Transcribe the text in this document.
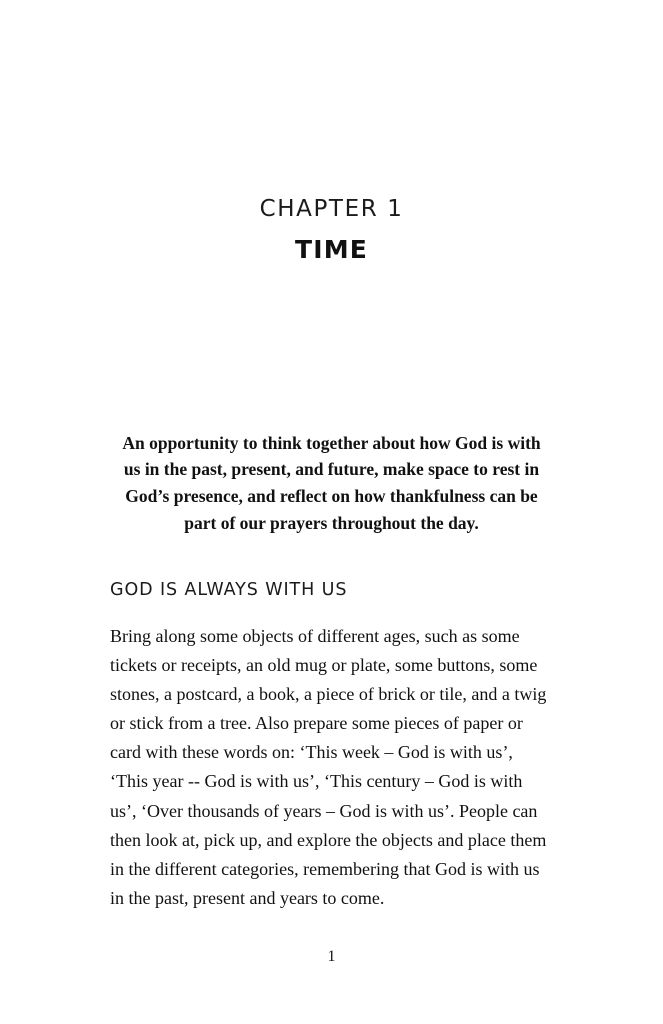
CHAPTER 1
TIME
An opportunity to think together about how God is with us in the past, present, and future, make space to rest in God’s presence, and reflect on how thankfulness can be part of our prayers throughout the day.
GOD IS ALWAYS WITH US
Bring along some objects of different ages, such as some tickets or receipts, an old mug or plate, some buttons, some stones, a postcard, a book, a piece of brick or tile, and a twig or stick from a tree. Also prepare some pieces of paper or card with these words on: ‘This week – God is with us’, ‘This year -- God is with us’, ‘This century – God is with us’, ‘Over thousands of years – God is with us’. People can then look at, pick up, and explore the objects and place them in the different categories, remembering that God is with us in the past, present and years to come.
1
